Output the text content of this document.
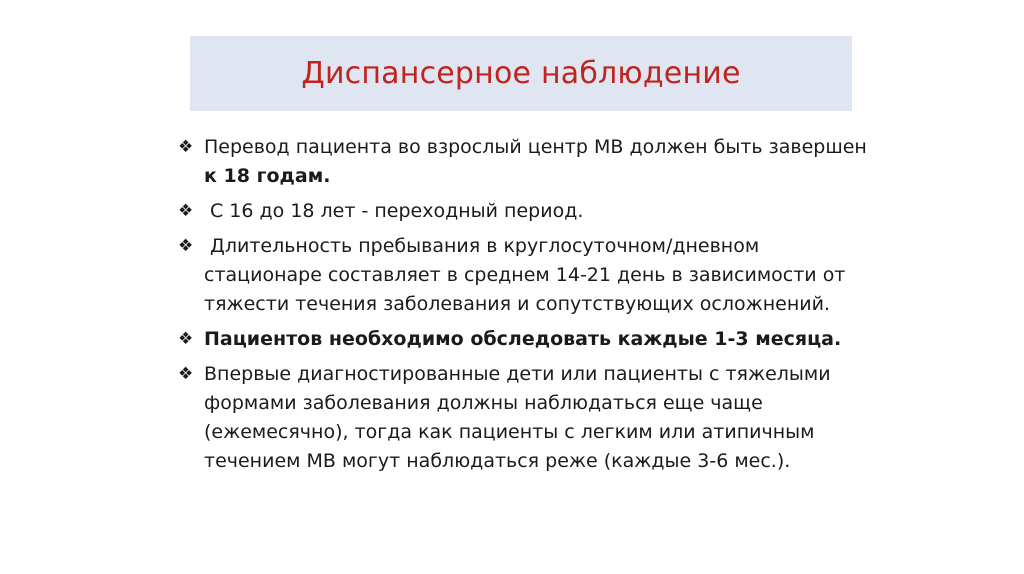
Диспансерное наблюдение
❖ Перевод пациента во взрослый центр МВ должен быть завершен к 18 годам.
❖ С 16 до 18 лет - переходный период.
❖ Длительность пребывания в круглосуточном/дневном стационаре составляет в среднем 14-21 день в зависимости от тяжести течения заболевания и сопутствующих осложнений.
❖ Пациентов необходимо обследовать каждые 1-3 месяца.
❖ Впервые диагностированные дети или пациенты с тяжелыми формами заболевания должны наблюдаться еще чаще (ежемесячно), тогда как пациенты с легким или атипичным течением МВ могут наблюдаться реже (каждые 3-6 мес.).
